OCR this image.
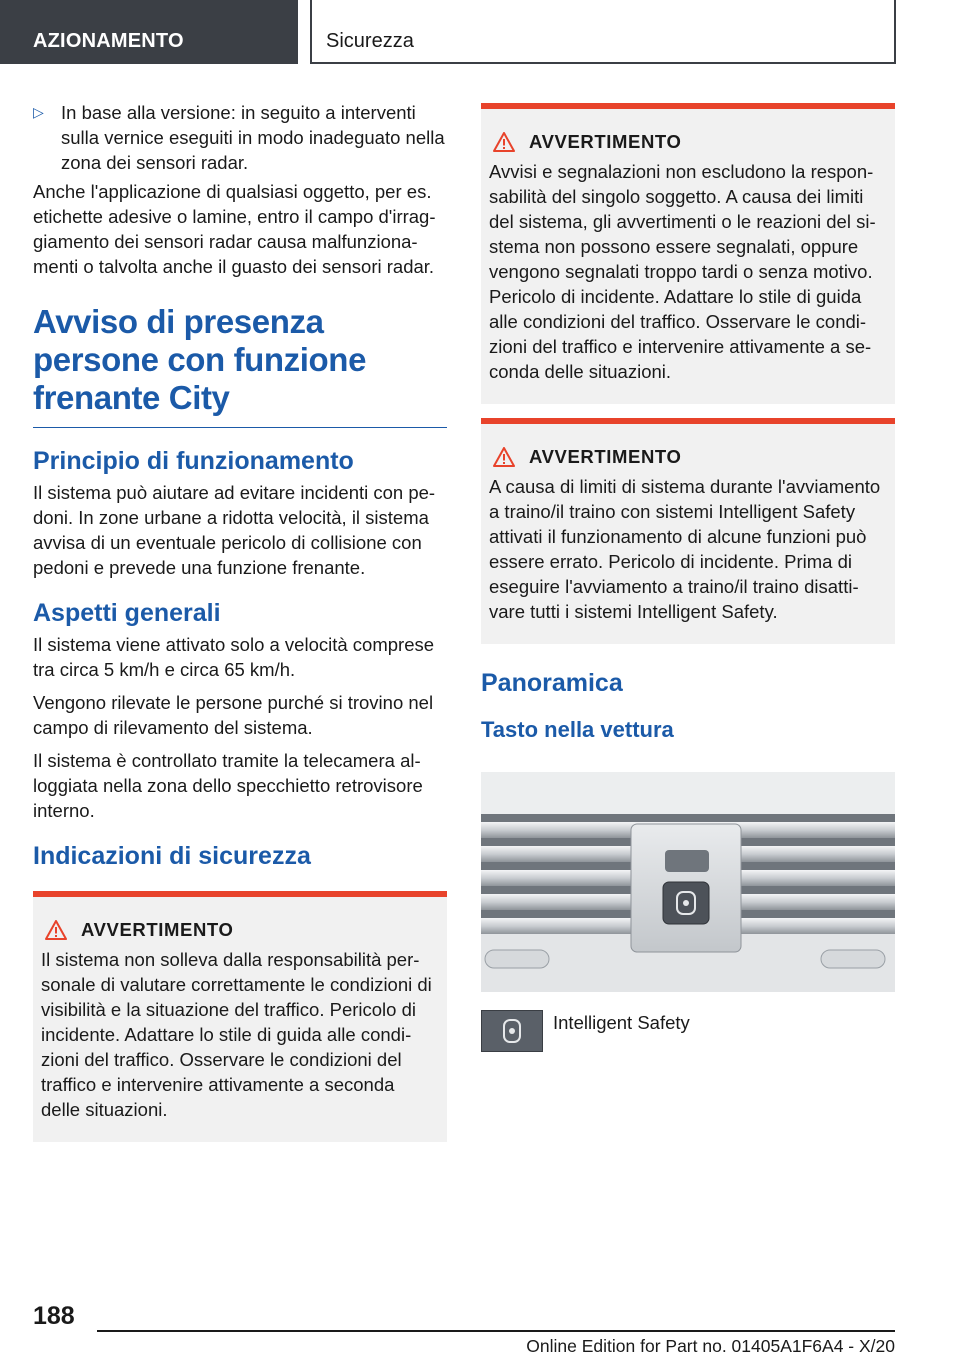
AZIONAMENTO	Sicurezza
▷ In base alla versione: in seguito a interventi sulla vernice eseguiti in modo inadeguato nella zona dei sensori radar.

Anche l'applicazione di qualsiasi oggetto, per es. etichette adesive o lamine, entro il campo d'irrag-giamento dei sensori radar causa malfunziona-menti o talvolta anche il guasto dei sensori radar.

Avviso di presenza persone con funzione frenante City
Principio di funzionamento

Il sistema può aiutare ad evitare incidenti con pe-doni. In zone urbane a ridotta velocità, il sistema avvisa di un eventuale pericolo di collisione con pedoni e prevede una funzione frenante.

Aspetti generali

Il sistema viene attivato solo a velocità comprese tra circa 5 km/h e circa 65 km/h.

Vengono rilevate le persone purché si trovino nel campo di rilevamento del sistema.

Il sistema è controllato tramite la telecamera al-loggiata nella zona dello specchietto retrovisore interno.

Indicazioni di sicurezza
AVVERTIMENTO

Il sistema non solleva dalla responsabilità per-sonale di valutare correttamente le condizioni di visibilità e la situazione del traffico. Pericolo di incidente. Adattare lo stile di guida alle condi-zioni del traffico. Osservare le condizioni del traffico e intervenire attivamente a seconda delle situazioni.

AVVERTIMENTO

Avvisi e segnalazioni non escludono la respon-sabilità del singolo soggetto. A causa dei limiti del sistema, gli avvertimenti o le reazioni del si-stema non possono essere segnalati, oppure vengono segnalati troppo tardi o senza motivo. Pericolo di incidente. Adattare lo stile di guida alle condizioni del traffico. Osservare le condi-zioni del traffico e intervenire attivamente a se-conda delle situazioni.

AVVERTIMENTO

A causa di limiti di sistema durante l'avviamento a traino/il traino con sistemi Intelligent Safety attivati il funzionamento di alcune funzioni può essere errato. Pericolo di incidente. Prima di eseguire l'avviamento a traino/il traino disatti-vare tutti i sistemi Intelligent Safety.

Panoramica
Tasto nella vettura
Intelligent Safety
188
Online Edition for Part no. 01405A1F6A4 - X/20
